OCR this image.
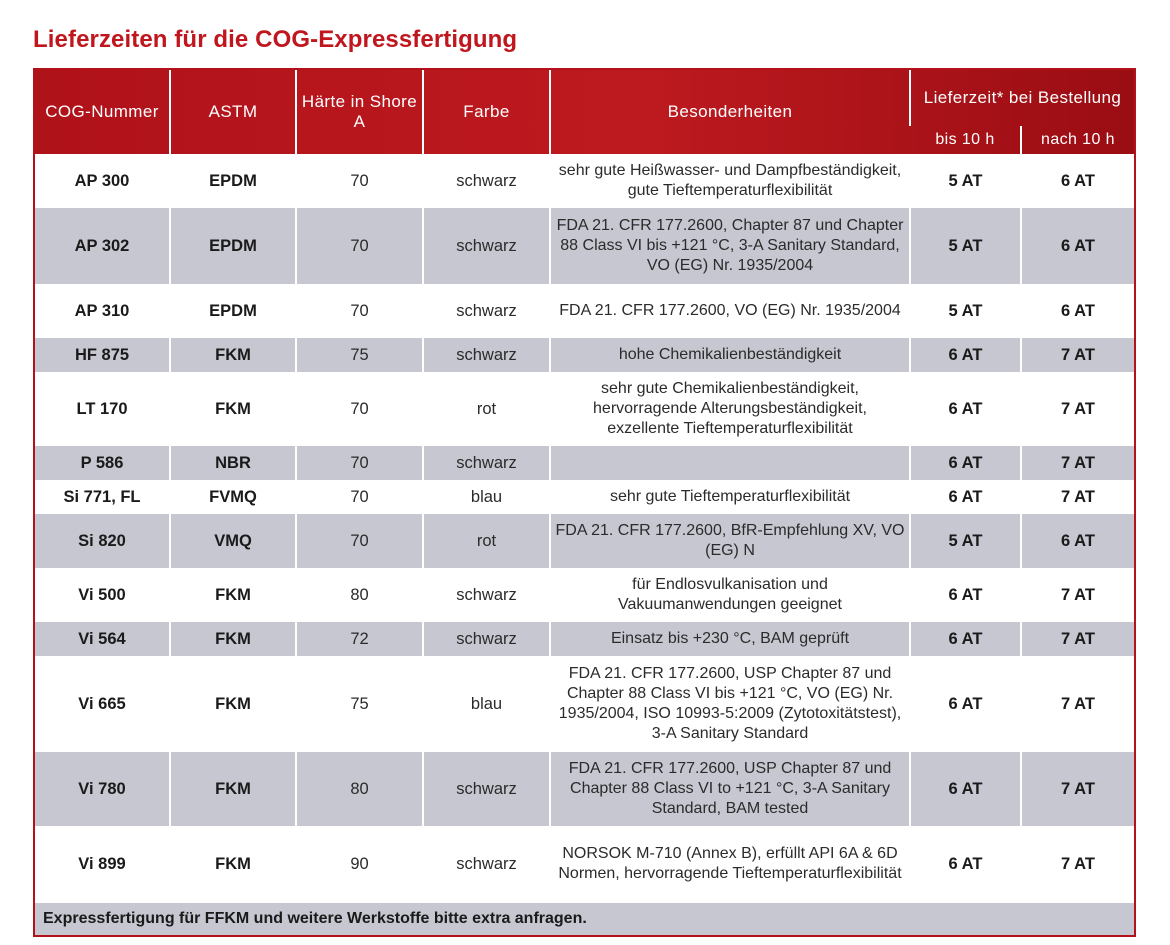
Lieferzeiten für die COG-Expressfertigung
COG-Nummer	ASTM	Härte in Shore A	Farbe	Besonderheiten	Lieferzeit* bei Bestellung	
					bis 10 h	nach 10 h
AP 300	EPDM	70	schwarz	sehr gute Heißwasser- und Dampfbeständigkeit, gute Tieftemperaturflexibilität	5 AT	6 AT
AP 302	EPDM	70	schwarz	FDA 21. CFR 177.2600, Chapter 87 und Chapter 88 Class VI bis +121 °C, 3-A Sanitary Standard, VO (EG) Nr. 1935/2004	5 AT	6 AT
AP 310	EPDM	70	schwarz	FDA 21. CFR 177.2600, VO (EG) Nr. 1935/2004	5 AT	6 AT
HF 875	FKM	75	schwarz	hohe Chemikalienbeständigkeit	6 AT	7 AT
LT 170	FKM	70	rot	sehr gute Chemikalienbeständigkeit, hervorragende Alterungsbeständigkeit, exzellente Tieftemperaturflexibilität	6 AT	7 AT
P 586	NBR	70	schwarz		6 AT	7 AT
Si 771, FL	FVMQ	70	blau	sehr gute Tieftemperaturflexibilität	6 AT	7 AT
Si 820	VMQ	70	rot	FDA 21. CFR 177.2600, BfR-Empfehlung XV, VO (EG) N	5 AT	6 AT
Vi 500	FKM	80	schwarz	für Endlosvulkanisation und Vakuumanwendungen geeignet	6 AT	7 AT
Vi 564	FKM	72	schwarz	Einsatz bis +230 °C, BAM geprüft	6 AT	7 AT
Vi 665	FKM	75	blau	FDA 21. CFR 177.2600, USP Chapter 87 und Chapter 88 Class VI bis +121 °C, VO (EG) Nr. 1935/2004, ISO 10993-5:2009 (Zytotoxitätstest), 3-A Sanitary Standard	6 AT	7 AT
Vi 780	FKM	80	schwarz	FDA 21. CFR 177.2600, USP Chapter 87 und Chapter 88 Class VI to +121 °C, 3-A Sanitary Standard, BAM tested	6 AT	7 AT
Vi 899	FKM	90	schwarz	NORSOK M-710 (Annex B), erfüllt API 6A & 6D Normen, hervorragende Tieftemperaturflexibilität	6 AT	7 AT
Expressfertigung für FFKM und weitere Werkstoffe bitte extra anfragen.
